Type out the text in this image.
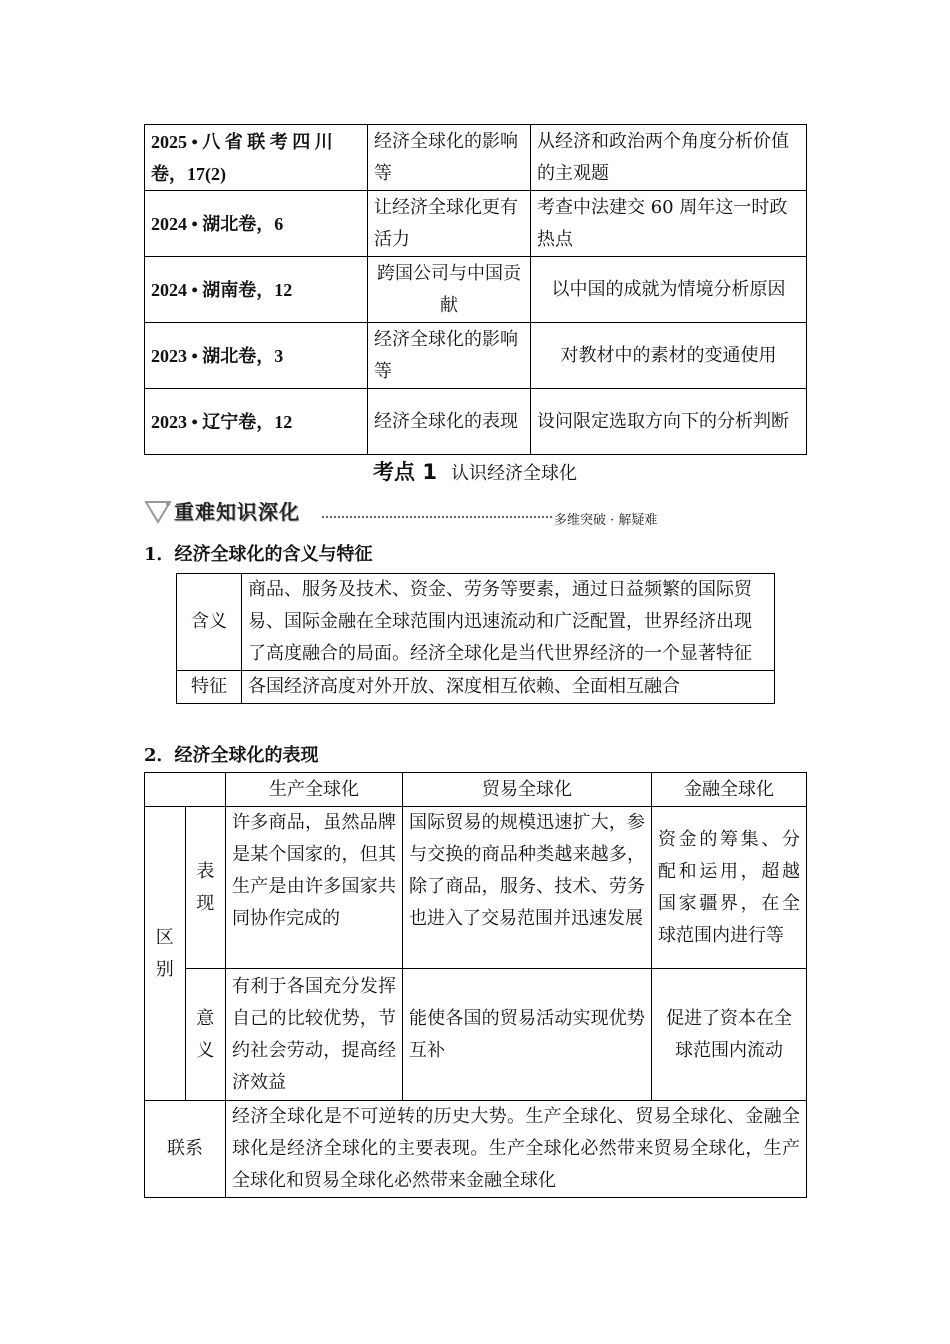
2025 • 八 省 联 考 四 川 卷，17(2)	经济全球化的影响等	从经济和政治两个角度分析价值的主观题
2024 • 湖北卷，6	让经济全球化更有活力	考查中法建交 60 周年这一时政热点
2024 • 湖南卷，12	跨国公司与中国贡献	以中国的成就为情境分析原因
2023 • 湖北卷，3	经济全球化的影响等	对教材中的素材的变通使用
2023 • 辽宁卷，12	经济全球化的表现	设问限定选取方向下的分析判断
考点 1 认识经济全球化
重难知识深化	多维突破 · 解疑难
1．经济全球化的含义与特征
含义	商品、服务及技术、资金、劳务等要素，通过日益频繁的国际贸易、国际金融在全球范围内迅速流动和广泛配置，世界经济出现了高度融合的局面。经济全球化是当代世界经济的一个显著特征
特征	各国经济高度对外开放、深度相互依赖、全面相互融合
2．经济全球化的表现
		生产全球化	贸易全球化	金融全球化
区别	表现	许多商品，虽然品牌是某个国家的，但其生产是由许多国家共同协作完成的	国际贸易的规模迅速扩大，参与交换的商品种类越来越多，除了商品，服务、技术、劳务也进入了交易范围并迅速发展	资金的筹集、分配和运用，超越国家疆界，在全球范围内进行等
	意义	有利于各国充分发挥自己的比较优势，节约社会劳动，提高经济效益	能使各国的贸易活动实现优势互补	促进了资本在全球范围内流动
联系		经济全球化是不可逆转的历史大势。生产全球化、贸易全球化、金融全球化是经济全球化的主要表现。生产全球化必然带来贸易全球化，生产全球化和贸易全球化必然带来金融全球化		
